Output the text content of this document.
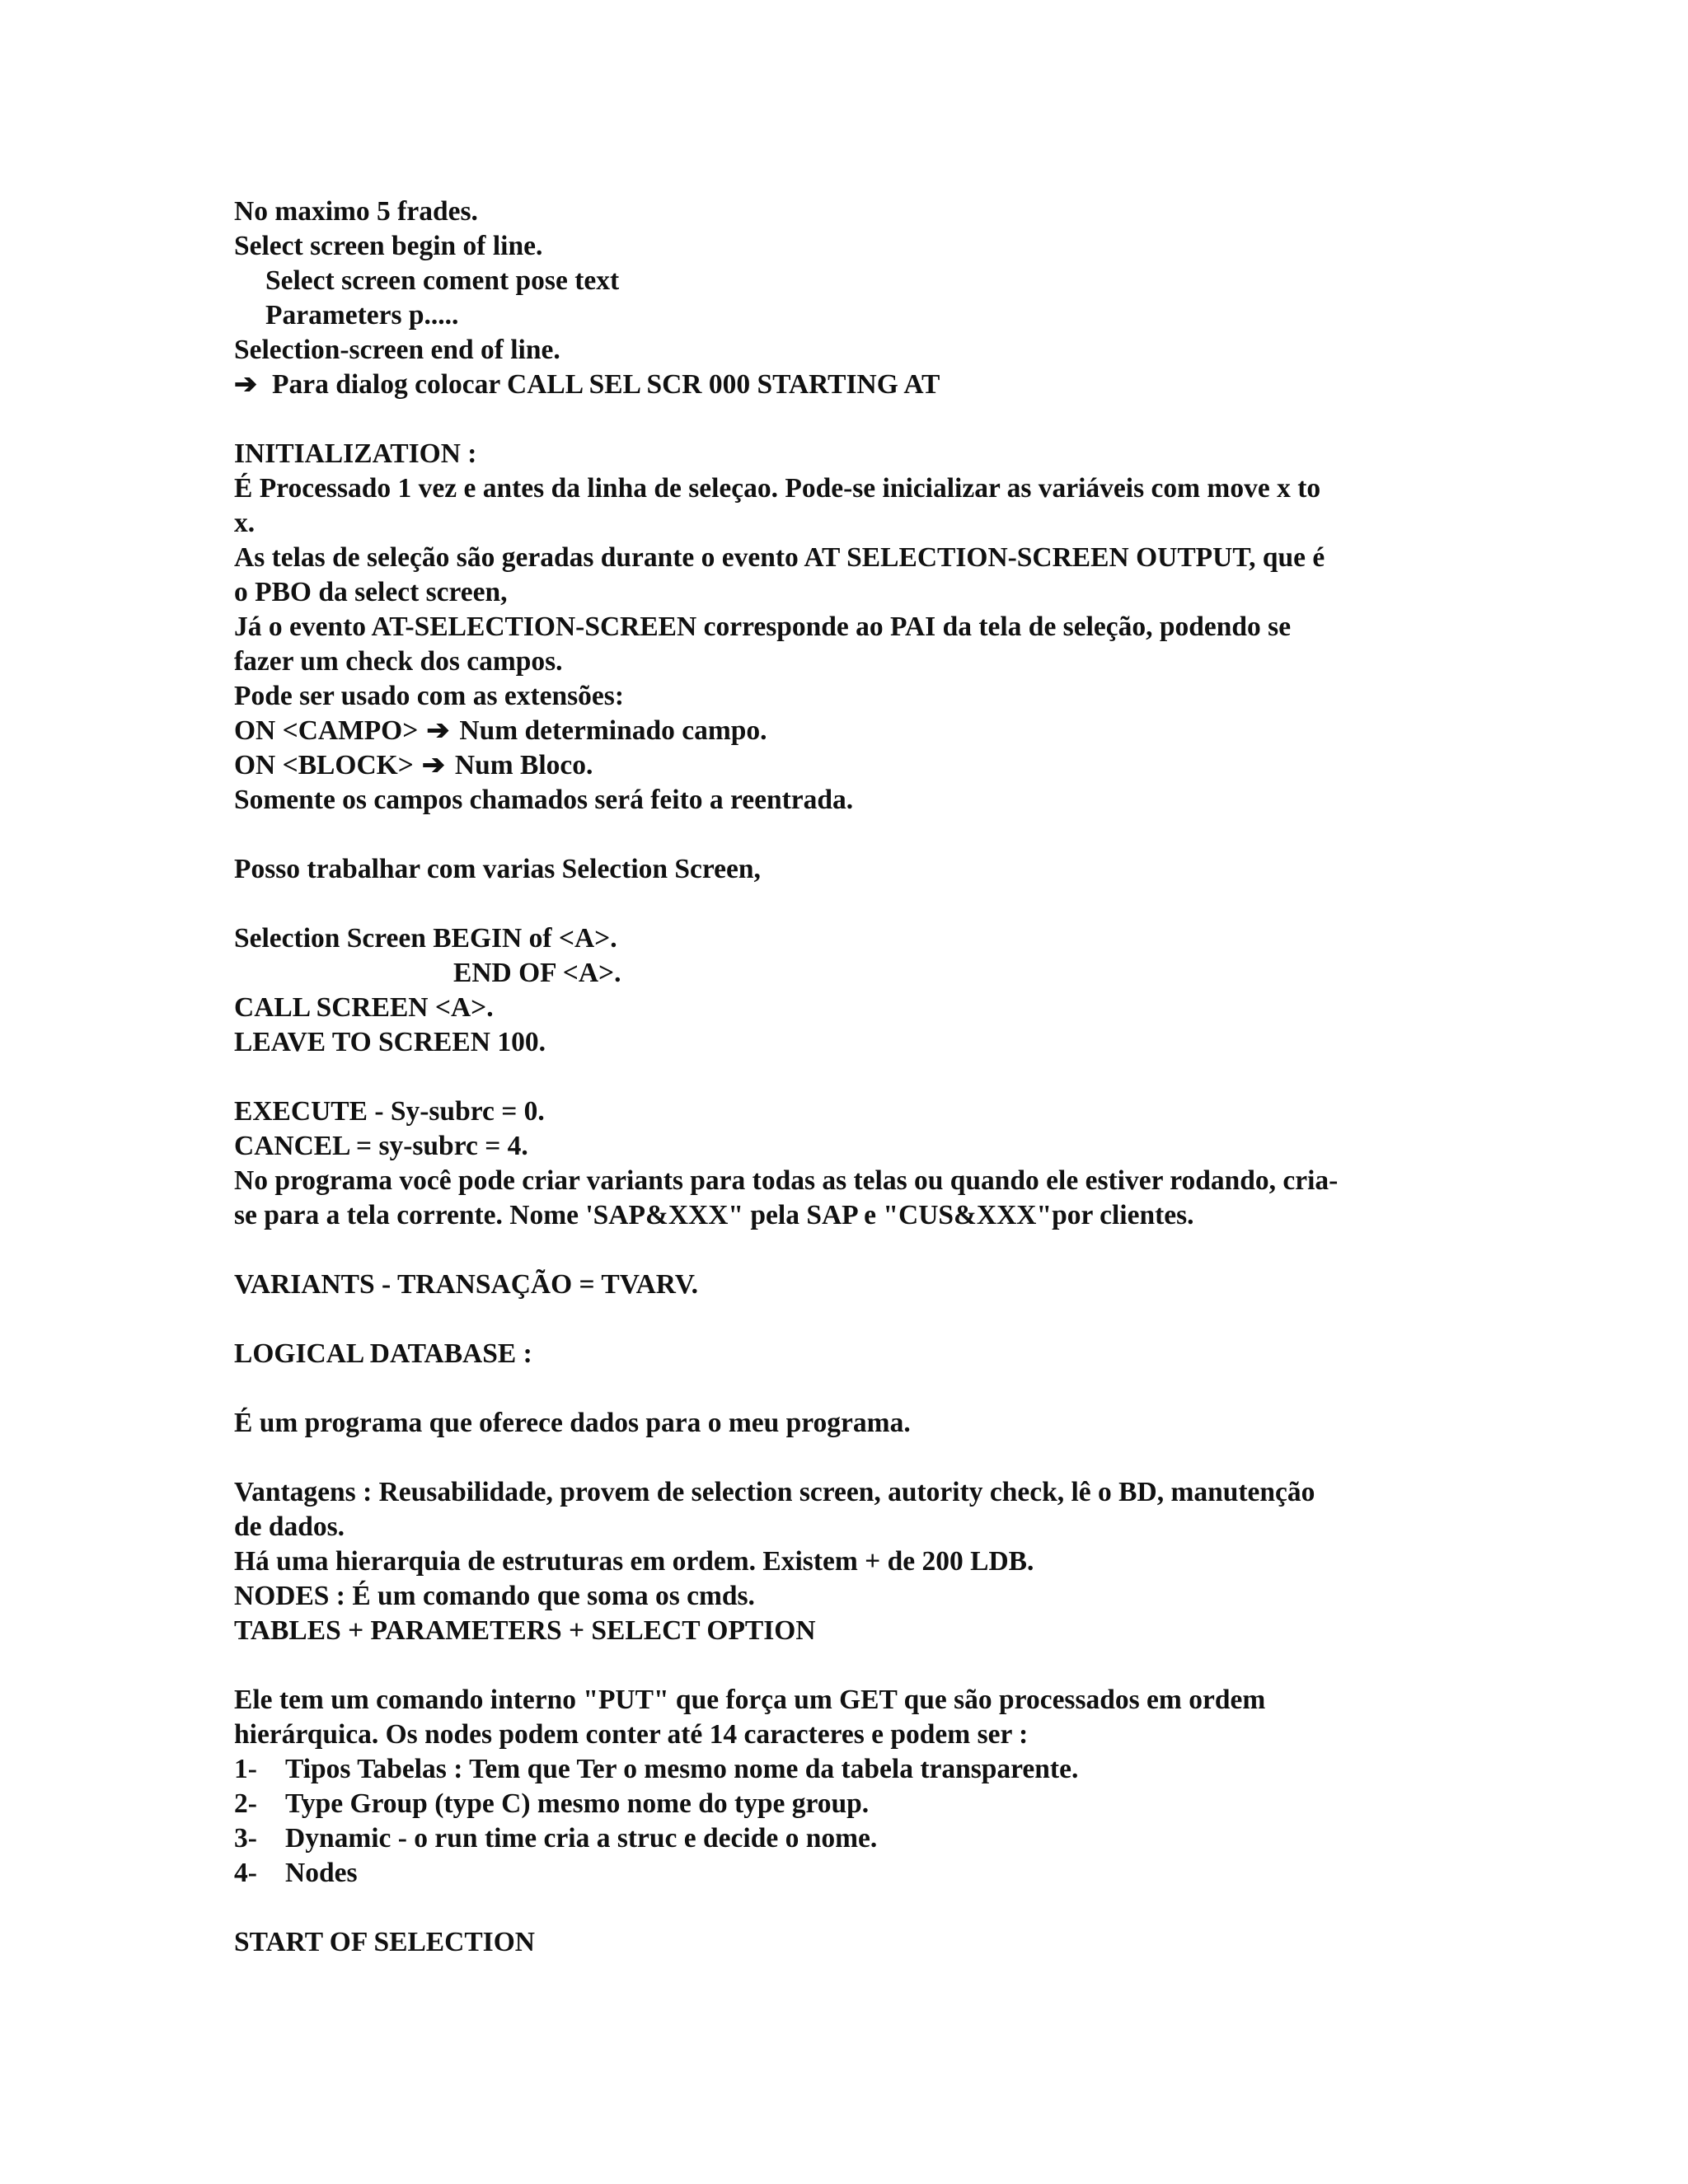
No maximo 5 frades.
Select screen begin of line.
Select screen coment pose text
Parameters p.....
Selection-screen end of line.
➔ Para dialog colocar CALL SEL SCR 000 STARTING AT
INITIALIZATION :
É Processado 1 vez e antes da linha de seleçao. Pode-se inicializar as variáveis com move x to
x.
As telas de seleção são geradas durante o evento AT SELECTION-SCREEN OUTPUT, que é
o PBO da select screen,
Já o evento AT-SELECTION-SCREEN corresponde ao PAI da tela de seleção, podendo se
fazer um check dos campos.
Pode ser usado com as extensões:
ON <CAMPO> ➔ Num determinado campo.
ON <BLOCK> ➔ Num Bloco.
Somente os campos chamados será feito a reentrada.
Posso trabalhar com varias Selection Screen,
Selection Screen BEGIN of <A>.
END OF <A>.
CALL SCREEN <A>.
LEAVE TO SCREEN 100.
EXECUTE - Sy-subrc = 0.
CANCEL = sy-subrc = 4.
No programa você pode criar variants para todas as telas ou quando ele estiver rodando, cria-
se para a tela corrente. Nome 'SAP&XXX" pela SAP e "CUS&XXX"por clientes.
VARIANTS - TRANSAÇÃO = TVARV.
LOGICAL DATABASE :
É um programa que oferece dados para o meu programa.
Vantagens : Reusabilidade, provem de selection screen, autority check, lê o BD, manutenção
de dados.
Há uma hierarquia de estruturas em ordem. Existem + de 200 LDB.
NODES : É um comando que soma os cmds.
TABLES + PARAMETERS + SELECT OPTION
Ele tem um comando interno "PUT" que força um GET que são processados em ordem
hierárquica. Os nodes podem conter até 14 caracteres e podem ser :
1- Tipos Tabelas : Tem que Ter o mesmo nome da tabela transparente.
2- Type Group (type C) mesmo nome do type group.
3- Dynamic - o run time cria a struc e decide o nome.
4- Nodes
START OF SELECTION
